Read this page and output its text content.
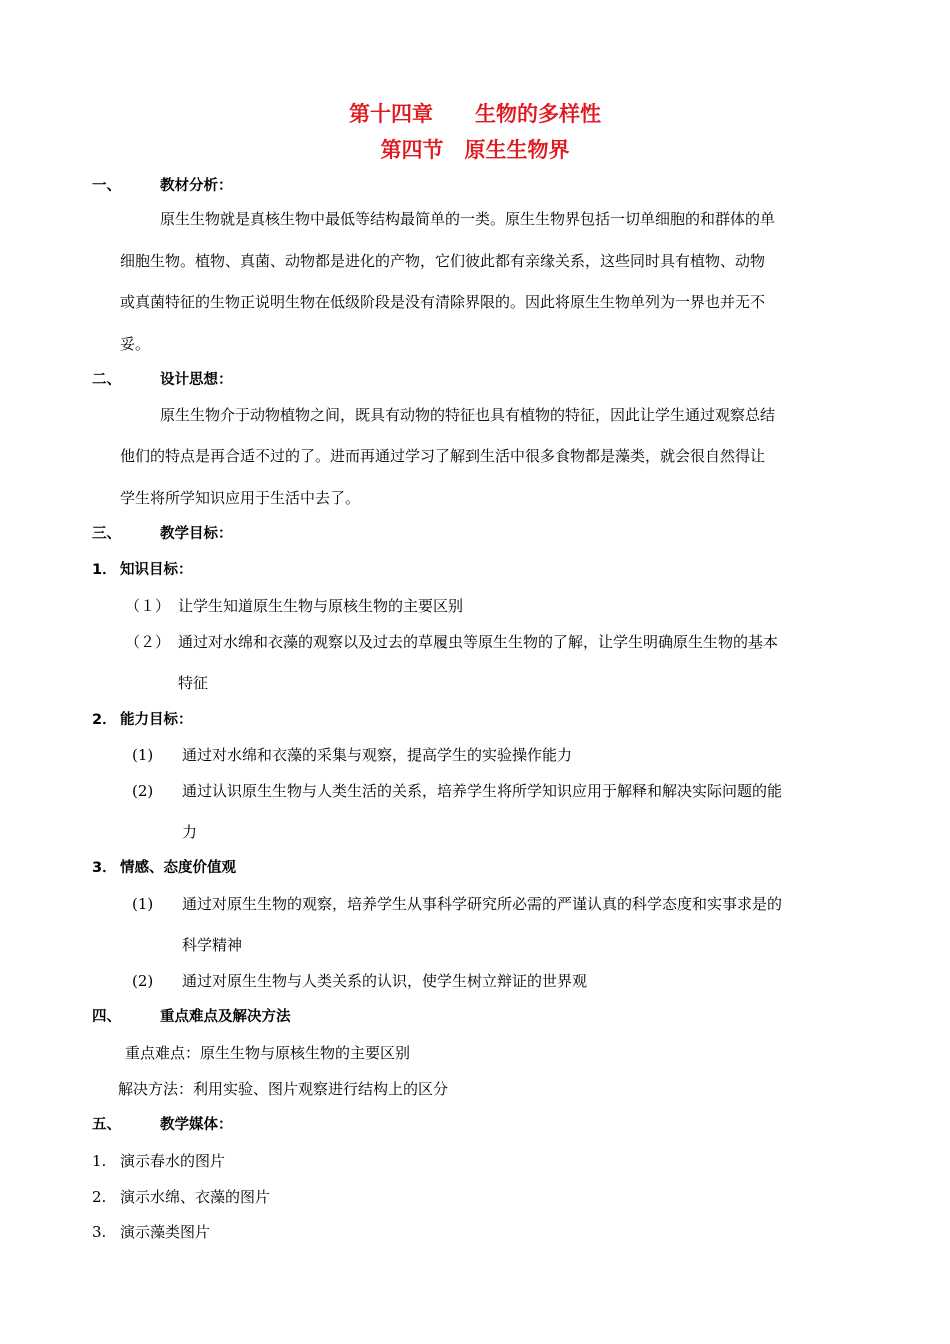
第十四章　　生物的多样性
第四节　原生生物界
一、	教材分析：
原生生物就是真核生物中最低等结构最简单的一类。原生生物界包括一切单细胞的和群体的单
细胞生物。植物、真菌、动物都是进化的产物，它们彼此都有亲缘关系，这些同时具有植物、动物
或真菌特征的生物正说明生物在低级阶段是没有清除界限的。因此将原生生物单列为一界也并无不
妥。
二、	设计思想：
原生生物介于动物植物之间，既具有动物的特征也具有植物的特征，因此让学生通过观察总结
他们的特点是再合适不过的了。进而再通过学习了解到生活中很多食物都是藻类，就会很自然得让
学生将所学知识应用于生活中去了。
三、	教学目标：
1． 知识目标：
（１） 让学生知道原生生物与原核生物的主要区别
（２） 通过对水绵和衣藻的观察以及过去的草履虫等原生生物的了解，让学生明确原生生物的基本
特征
2． 能力目标：
(1) 通过对水绵和衣藻的采集与观察，提高学生的实验操作能力
(2) 通过认识原生生物与人类生活的关系，培养学生将所学知识应用于解释和解决实际问题的能
力
3． 情感、态度价值观
(1) 通过对原生生物的观察，培养学生从事科学研究所必需的严谨认真的科学态度和实事求是的
科学精神
(2) 通过对原生生物与人类关系的认识，使学生树立辩证的世界观
四、	重点难点及解决方法
重点难点：原生生物与原核生物的主要区别
解决方法：利用实验、图片观察进行结构上的区分
五、	教学媒体：
1. 演示春水的图片
2. 演示水绵、衣藻的图片
3. 演示藻类图片
